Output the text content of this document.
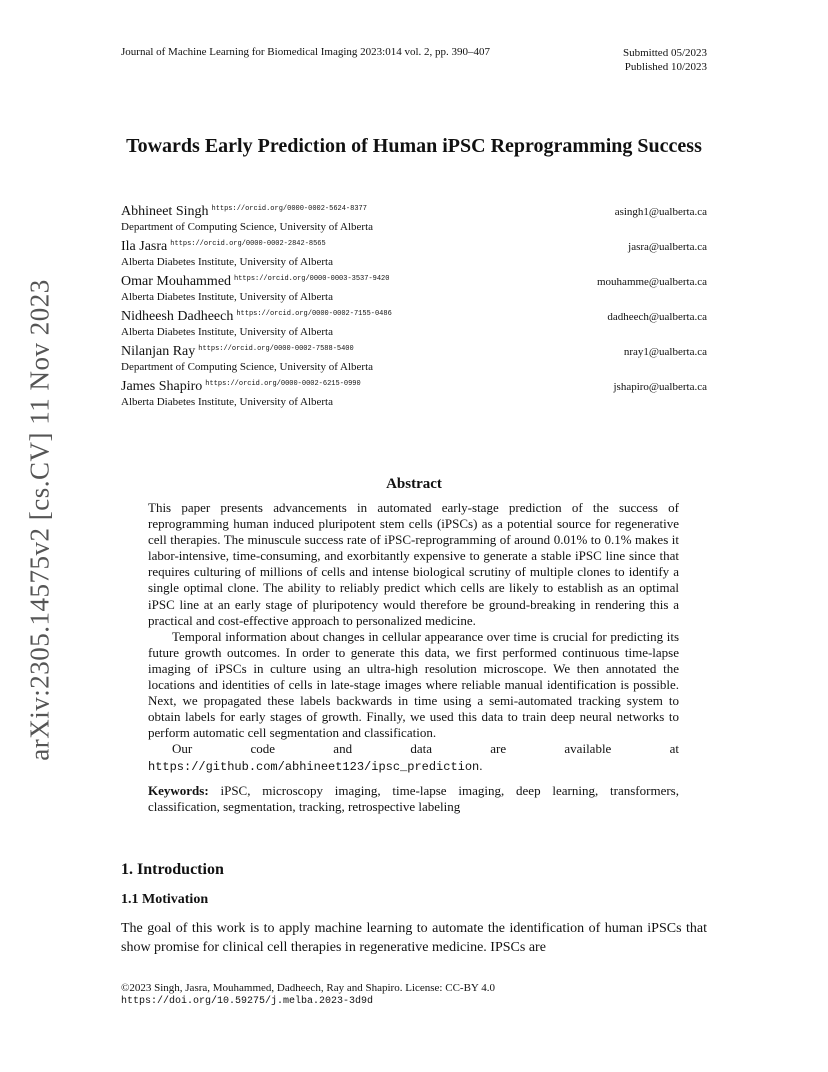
Journal of Machine Learning for Biomedical Imaging 2023:014 vol. 2, pp. 390–407	Submitted 05/2023
Published 10/2023
arXiv:2305.14575v2 [cs.CV] 11 Nov 2023
Towards Early Prediction of Human iPSC Reprogramming Success
Abhineet Singh $^{https://orcid.org/0000-0002-5624-8377}$
Department of Computing Science, University of Alberta
asingh1@ualberta.ca
Ila Jasra $^{https://orcid.org/0000-0002-2842-8565}$
Alberta Diabetes Institute, University of Alberta
jasra@ualberta.ca
Omar Mouhammed $^{https://orcid.org/0000-0003-3537-9420}$
Alberta Diabetes Institute, University of Alberta
mouhamme@ualberta.ca
Nidheesh Dadheech $^{https://orcid.org/0000-0002-7155-0486}$
Alberta Diabetes Institute, University of Alberta
dadheech@ualberta.ca
Nilanjan Ray $^{https://orcid.org/0000-0002-7588-5400}$
Department of Computing Science, University of Alberta
nray1@ualberta.ca
James Shapiro $^{https://orcid.org/0000-0002-6215-0990}$
Alberta Diabetes Institute, University of Alberta
jshapiro@ualberta.ca
Abstract

This paper presents advancements in automated early-stage prediction of the success of reprogramming human induced pluripotent stem cells (iPSCs) as a potential source for regenerative cell therapies. The minuscule success rate of iPSC-reprogramming of around 0.01% to 0.1% makes it labor-intensive, time-consuming, and exorbitantly expensive to generate a stable iPSC line since that requires culturing of millions of cells and intense biological scrutiny of multiple clones to identify a single optimal clone. The ability to reliably predict which cells are likely to establish as an optimal iPSC line at an early stage of pluripotency would therefore be ground-breaking in rendering this a practical and cost-effective approach to personalized medicine.

Temporal information about changes in cellular appearance over time is crucial for predicting its future growth outcomes. In order to generate this data, we first performed continuous time-lapse imaging of iPSCs in culture using an ultra-high resolution microscope. We then annotated the locations and identities of cells in late-stage images where reliable manual identification is possible. Next, we propagated these labels backwards in time using a semi-automated tracking system to obtain labels for early stages of growth. Finally, we used this data to train deep neural networks to perform automatic cell segmentation and classification.

Our code and data are available at https://github.com/abhineet123/ipsc_prediction.

Keywords: iPSC, microscopy imaging, time-lapse imaging, deep learning, transformers, classification, segmentation, tracking, retrospective labeling

1. Introduction
1.1 Motivation
The goal of this work is to apply machine learning to automate the identification of human iPSCs that show promise for clinical cell therapies in regenerative medicine. IPSCs are
©2023 Singh, Jasra, Mouhammed, Dadheech, Ray and Shapiro. License: CC-BY 4.0
https://doi.org/10.59275/j.melba.2023-3d9d
